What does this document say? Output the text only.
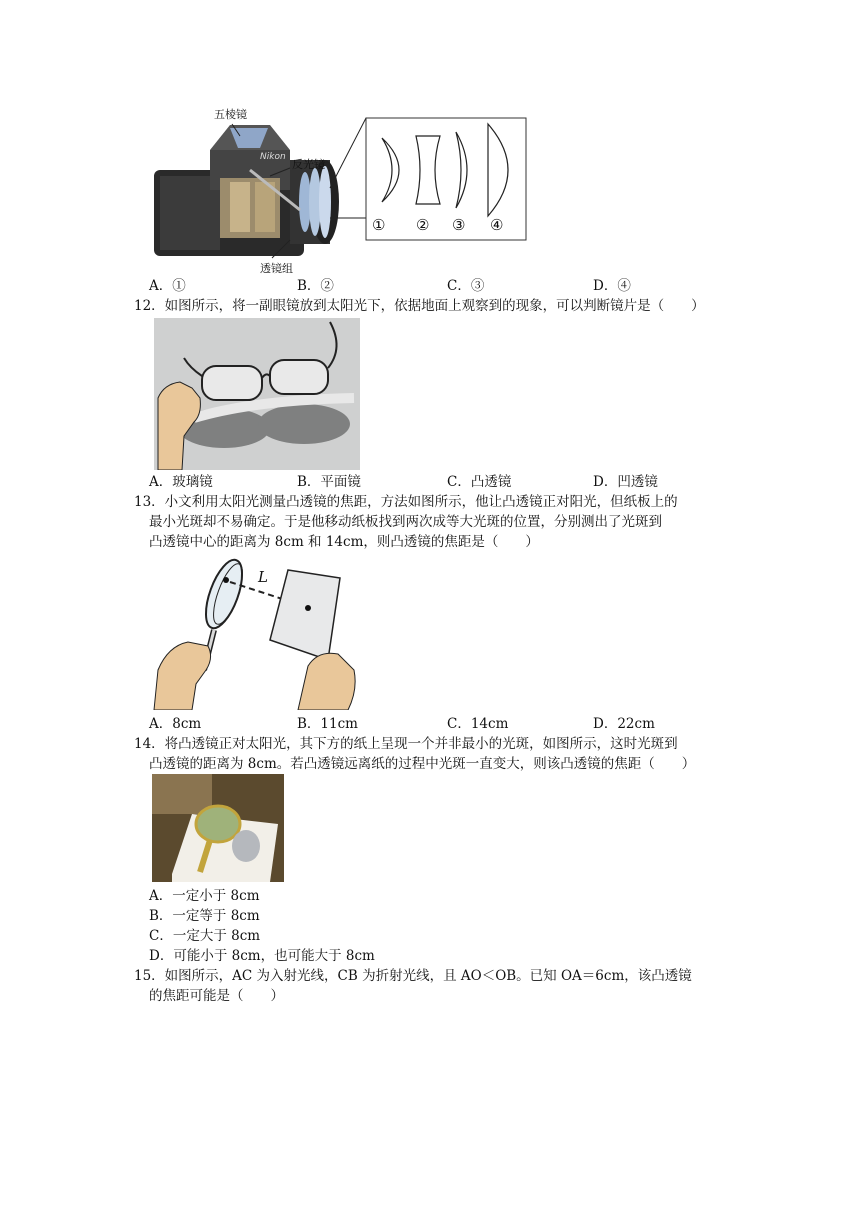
五棱镜
反光镜
透镜组
Nikon
① ② ③ ④
A．①	B．②	C．③	D．④
12．如图所示，将一副眼镜放到太阳光下，依据地面上观察到的现象，可以判断镜片是（　　）
A．玻璃镜	B．平面镜	C．凸透镜	D．凹透镜
13．小文利用太阳光测量凸透镜的焦距，方法如图所示，他让凸透镜正对阳光，但纸板上的
最小光斑却不易确定。于是他移动纸板找到两次成等大光斑的位置，分别测出了光斑到
凸透镜中心的距离为 8cm 和 14cm，则凸透镜的焦距是（　　）
L
A．8cm	B．11cm	C．14cm	D．22cm
14．将凸透镜正对太阳光，其下方的纸上呈现一个并非最小的光斑，如图所示，这时光斑到
凸透镜的距离为 8cm。若凸透镜远离纸的过程中光斑一直变大，则该凸透镜的焦距（　　）
A．一定小于 8cm
B．一定等于 8cm
C．一定大于 8cm
D．可能小于 8cm，也可能大于 8cm
15．如图所示，AC 为入射光线，CB 为折射光线，且 AO＜OB。已知 OA＝6cm，该凸透镜
的焦距可能是（　　）
